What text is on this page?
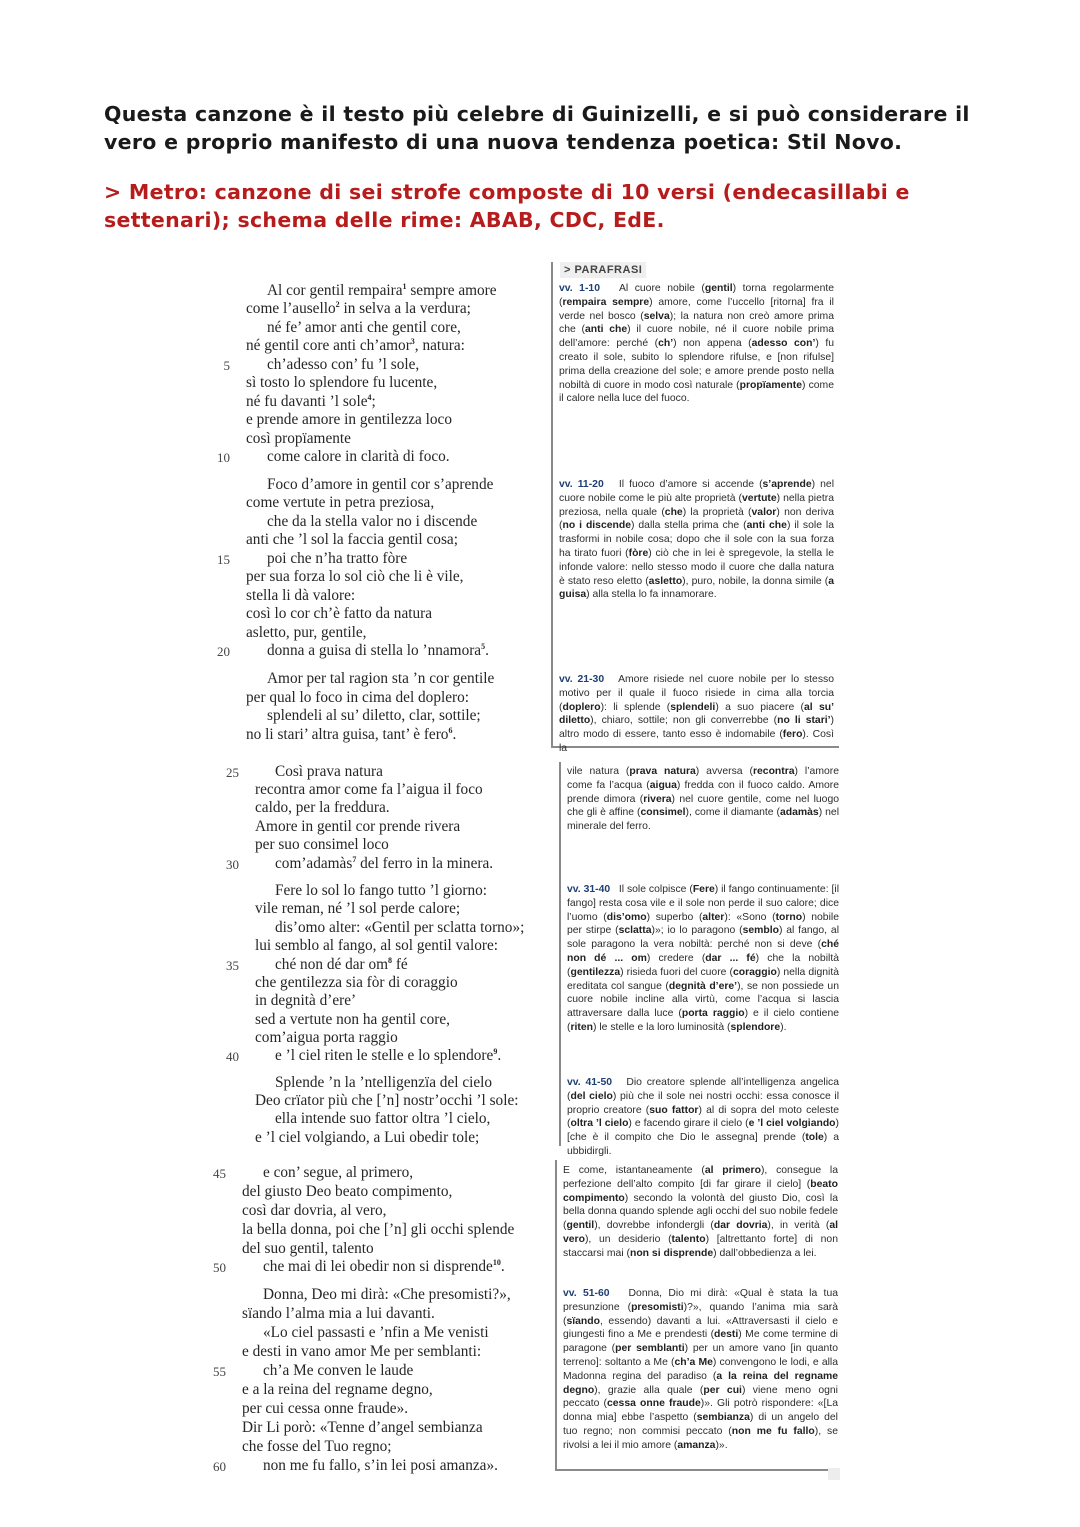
Questa canzone è il testo più celebre di Guinizelli, e si può considerare il vero e proprio manifesto di una nuova tendenza poetica: Stil Novo.
> Metro: canzone di sei strofe composte di 10 versi (endecasillabi e settenari); schema delle rime: ABAB, CDC, EdE.
> PARAFRASI
Al cor gentil rempaira$^1$ sempre amore
come l’ausello$^2$ in selva a la verdura;
né fe’ amor anti che gentil core,
né gentil core anti ch’amor$^3$, natura:
ch’adesso con’ fu ’l sole,
sì tosto lo splendore fu lucente,
né fu davanti ’l sole$^4$;
e prende amore in gentilezza loco
così propïamente
come calore in clarità di foco.
Foco d’amore in gentil cor s’aprende
come vertute in petra preziosa,
che da la stella valor no i discende
anti che ’l sol la faccia gentil cosa;
poi che n’ha tratto fòre
per sua forza lo sol ciò che li è vile,
stella li dà valore:
così lo cor ch’è fatto da natura
asletto, pur, gentile,
donna a guisa di stella lo ’nnamora$^5$.
Amor per tal ragion sta ’n cor gentile
per qual lo foco in cima del doplero:
splendeli al su’ diletto, clar, sottile;
no li stari’ altra guisa, tant’ è fero$^6$.
Così prava natura
recontra amor come fa l’aigua il foco
caldo, per la freddura.
Amore in gentil cor prende rivera
per suo consimel loco
com’adamàs$^7$ del ferro in la minera.
Fere lo sol lo fango tutto ’l giorno:
vile reman, né ’l sol perde calore;
dis’omo alter: «Gentil per sclatta torno»;
lui semblo al fango, al sol gentil valore:
ché non dé dar $om^8$ fé
che gentilezza sia fòr di coraggio
in degnità d’ere’
sed a vertute non ha gentil core,
com’aigua porta raggio
e ’l ciel riten le stelle e lo splendore$^9$.
Splende ’n la ’ntelligenzïa del cielo
Deo crïator più che [’n] nostr’occhi ’l sole:
ella intende suo fattor oltra ’l cielo,
e ’l ciel volgiando, a Lui obedir tole;
e con’ segue, al primero,
del giusto Deo beato compimento,
così dar dovria, al vero,
la bella donna, poi che [’n] gli occhi splende
del suo gentil, talento
che mai di lei obedir non si disprende$^{10}$.
Donna, Deo mi dirà: «Che presomisti?»,
sïando l’alma mia a lui davanti.
«Lo ciel passasti e ’nfin a Me venisti
e desti in vano amor Me per semblanti:
ch’a Me conven le laude
e a la reina del regname degno,
per cui cessa onne fraude».
Dir Li porò: «Tenne d’angel sembianza
che fosse del Tuo regno;
non me fu fallo, s’in lei posi amanza».
5
10
15
20
25
30
35
40
45
50
55
60
vv. 1-10   Al cuore nobile (gentil) torna regolarmente (rempaira sempre) amore, come l’uccello [ritorna] fra il verde nel bosco (selva); la natura non creò amore prima che (anti che) il cuore nobile, né il cuore nobile prima dell’amore: perché (ch’) non appena (adesso con’) fu creato il sole, subito lo splendore rifulse, e [non rifulse] prima della creazione del sole; e amore prende posto nella nobiltà di cuore in modo così naturale (propïamente) come il calore nella luce del fuoco.
vv. 11-20   Il fuoco d’amore si accende (s’aprende) nel cuore nobile come le più alte proprietà (vertute) nella pietra preziosa, nella quale (che) la proprietà (valor) non deriva (no i discende) dalla stella prima che (anti che) il sole la trasformi in nobile cosa; dopo che il sole con la sua forza ha tirato fuori (fòre) ciò che in lei è spregevole, la stella le infonde valore: nello stesso modo il cuore che dalla natura è stato reso eletto (asletto), puro, nobile, la donna simile (a guisa) alla stella lo fa innamorare.
vv. 21-30   Amore risiede nel cuore nobile per lo stesso motivo per il quale il fuoco risiede in cima alla torcia (doplero): li splende (splendeli) a suo piacere (al su’ diletto), chiaro, sottile; non gli converrebbe (no li stari’) altro modo di essere, tanto esso è indomabile (fero). Così la
vile natura (prava natura) avversa (recontra) l’amore come fa l’acqua (aigua) fredda con il fuoco caldo. Amore prende dimora (rivera) nel cuore gentile, come nel luogo che gli è affine (consimel), come il diamante (adamàs) nel minerale del ferro.
vv. 31-40   Il sole colpisce (Fere) il fango continuamente: [il fango] resta cosa vile e il sole non perde il suo calore; dice l’uomo (dis’omo) superbo (alter): «Sono (torno) nobile per stirpe (sclatta)»; io lo paragono (semblo) al fango, al sole paragono la vera nobiltà: perché non si deve (ché non dé ... om) credere (dar ... fé) che la nobiltà (gentilezza) risieda fuori del cuore (coraggio) nella dignità ereditata col sangue (degnità d’ere’), se non possiede un cuore nobile incline alla virtù, come l’acqua si lascia attraversare dalla luce (porta raggio) e il cielo contiene (riten) le stelle e la loro luminosità (splendore).
vv. 41-50   Dio creatore splende all’intelligenza angelica (del cielo) più che il sole nei nostri occhi: essa conosce il proprio creatore (suo fattor) al di sopra del moto celeste (oltra ’l cielo) e facendo girare il cielo (e ’l ciel volgiando) [che è il compito che Dio le assegna] prende (tole) a ubbidirgli.
E come, istantaneamente (al primero), consegue la perfezione dell’alto compito [di far girare il cielo] (beato compimento) secondo la volontà del giusto Dio, così la bella donna quando splende agli occhi del suo nobile fedele (gentil), dovrebbe infondergli (dar dovria), in verità (al vero), un desiderio (talento) [altrettanto forte] di non staccarsi mai (non si disprende) dall’obbedienza a lei.
vv. 51-60   Donna, Dio mi dirà: «Qual è stata la tua presunzione (presomisti)?», quando l’anima mia sarà (sïando, essendo) davanti a lui. «Attraversasti il cielo e giungesti fino a Me e prendesti (desti) Me come termine di paragone (per semblanti) per un amore vano [in quanto terreno]: soltanto a Me (ch’a Me) convengono le lodi, e alla Madonna regina del paradiso (a la reina del regname degno), grazie alla quale (per cui) viene meno ogni peccato (cessa onne fraude)». Gli potrò rispondere: «[La donna mia] ebbe l’aspetto (sembianza) di un angelo del tuo regno; non commisi peccato (non me fu fallo), se rivolsi a lei il mio amore (amanza)».
